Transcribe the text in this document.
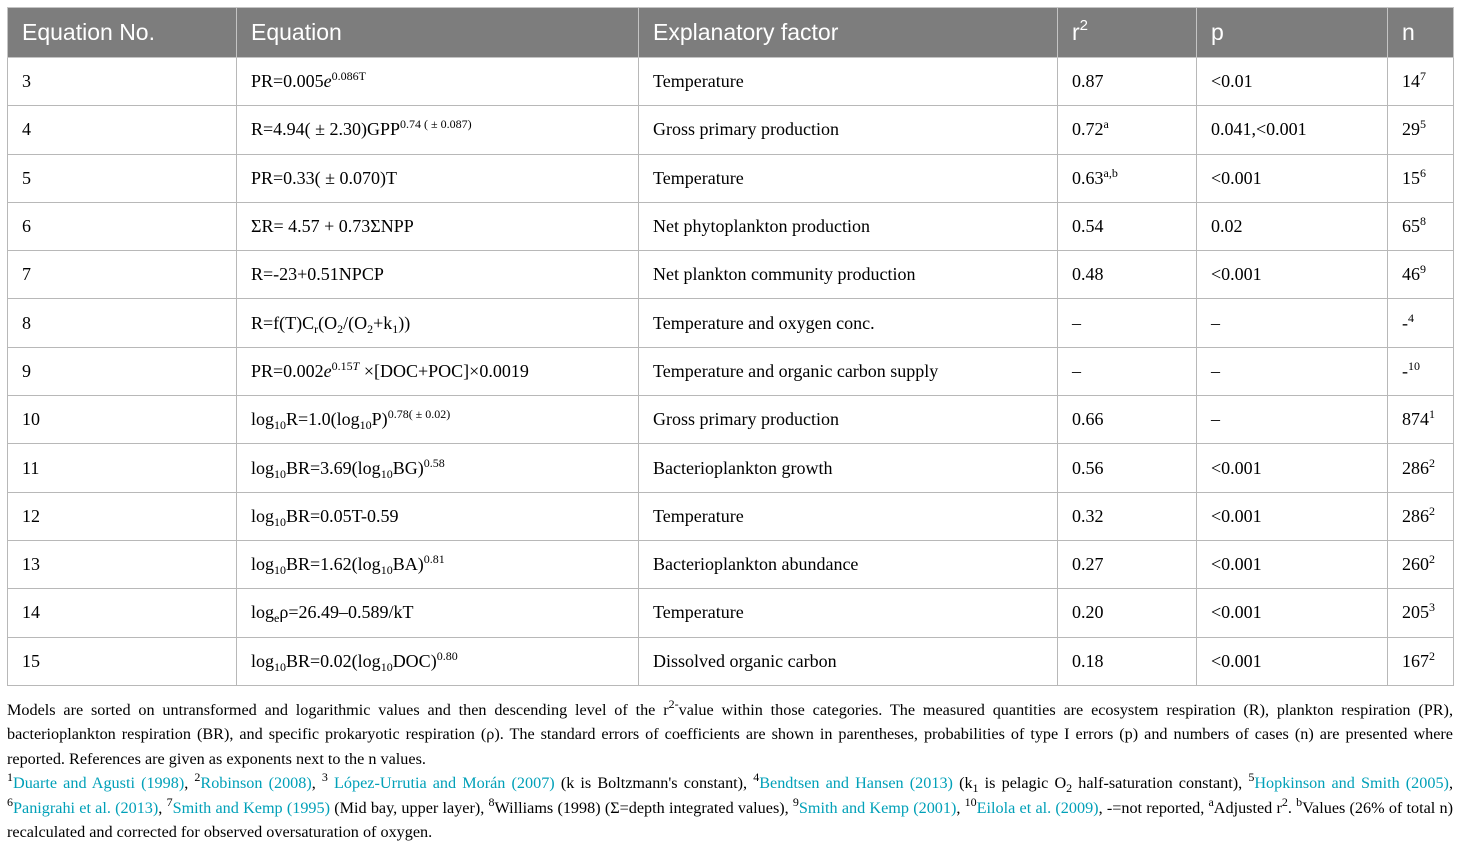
Equation No.	Equation	Explanatory factor	$r^2$	p	n
3	$PR=0.005e^{0.086T}$	Temperature	0.87	<0.01	$14^7$
4	$R=4.94( \pm 2.30)GPP^{0.74 ( \pm 0.087)}$	Gross primary production	0.72$^a$	0.041,<0.001	$29^5$
5	PR=0.33( ± 0.070)T	Temperature	$0.63^{a,b}$	<0.001	$15^6$
6	ΣR= 4.57 + 0.73ΣNPP	Net phytoplankton production	0.54	0.02	$65^8$
7	R=-23+0.51NPCP	Net plankton community production	0.48	<0.001	$46^9$
8	$R=f(T)C_r(O_2/(O_2+k_1))$	Temperature and oxygen conc.	–	–	-$^4$
9	$PR=0.002e^{0.15T} \times[DOC+POC]\times 0.0019$	Temperature and organic carbon supply	–	–	-$^{10}$
10	$\log_{10}R=1.0(\log_{10}P)^{0.78( \pm 0.02)}$	Gross primary production	0.66	–	$874^1$
11	$\log_{10}BR=3.69(\log_{10}BG)^{0.58}$	Bacterioplankton growth	0.56	<0.001	$286^2$
12	$\log_{10}BR=0.05T-0.59$	Temperature	0.32	<0.001	$286^2$
13	$\log_{10}BR=1.62(\log_{10}BA)^{0.81}$	Bacterioplankton abundance	0.27	<0.001	$260^2$
14	$\log_e\rho=26.49-0.589/kT$	Temperature	0.20	<0.001	$205^3$
15	$\log_{10}BR=0.02(\log_{10}DOC)^{0.80}$	Dissolved organic carbon	0.18	<0.001	$167^2$

Models are sorted on untransformed and logarithmic values and then descending level of the $r^{2-}value$ within those categories. The measured quantities are ecosystem respiration (R), plankton respiration (PR), bacterioplankton respiration (BR), and specific prokaryotic respiration (ρ). The standard errors of coefficients are shown in parentheses, probabilities of type I errors (p) and numbers of cases (n) are presented where reported. References are given as exponents next to the n values.

$^1$Duarte and Agusti (1998), $^2$Robinson (2008), $^3$ López-Urrutia and Morán (2007) (k is Boltzmann's constant), $^4$Bendtsen and Hansen (2013) ($k_1$ is pelagic $O_2$ half-saturation constant), $^5$Hopkinson and Smith (2005), $^6$Panigrahi et al. (2013), $^7$Smith and Kemp (1995) (Mid bay, upper layer), $^8$Williams (1998) (Σ=depth integrated values), $^9$Smith and Kemp (2001), $^{10}$Eilola et al. (2009), -=not reported, $^a$Adjusted $r^2$. $^b$Values (26% of total n) recalculated and corrected for observed oversaturation of oxygen.
